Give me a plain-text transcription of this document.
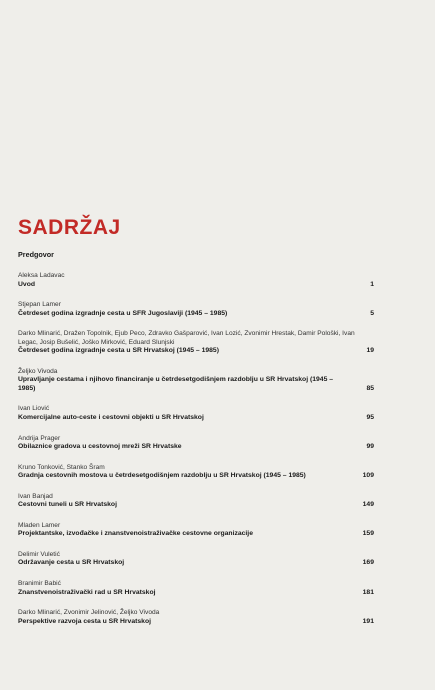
SADRŽAJ
Predgovor
Aleksa Ladavac
Uvod	1
Stjepan Lamer
Četrdeset godina izgradnje cesta u SFR Jugoslaviji (1945 – 1985)	5
Darko Mlinarić, Dražen Topolnik, Ejub Peco, Zdravko Gašparović, Ivan Lozić, Zvonimir Hrestak, Damir Pološki, Ivan Legac, Josip Bušelić, Joško Mirković, Eduard Slunjski
Četrdeset godina izgradnje cesta u SR Hrvatskoj (1945 – 1985)	19
Željko Vivoda
Upravljanje cestama i njihovo financiranje u četrdesetgodišnjem razdoblju u SR Hrvatskoj (1945 – 1985)	85
Ivan Liović
Komercijalne auto-ceste i cestovni objekti u SR Hrvatskoj	95
Andrija Prager
Obilaznice gradova u cestovnoj mreži SR Hrvatske	99
Kruno Tonković, Stanko Šram
Gradnja cestovnih mostova u četrdesetgodišnjem razdoblju u SR Hrvatskoj (1945 – 1985)	109
Ivan Banjad
Cestovni tuneli u SR Hrvatskoj	149
Mladen Lamer
Projektantske, izvođačke i znanstvenoistraživačke cestovne organizacije	159
Delimir Vuletić
Održavanje cesta u SR Hrvatskoj	169
Branimir Babić
Znanstvenoistraživački rad u SR Hrvatskoj	181
Darko Mlinarić, Zvonimir Jelinović, Željko Vivoda
Perspektive razvoja cesta u SR Hrvatskoj	191
